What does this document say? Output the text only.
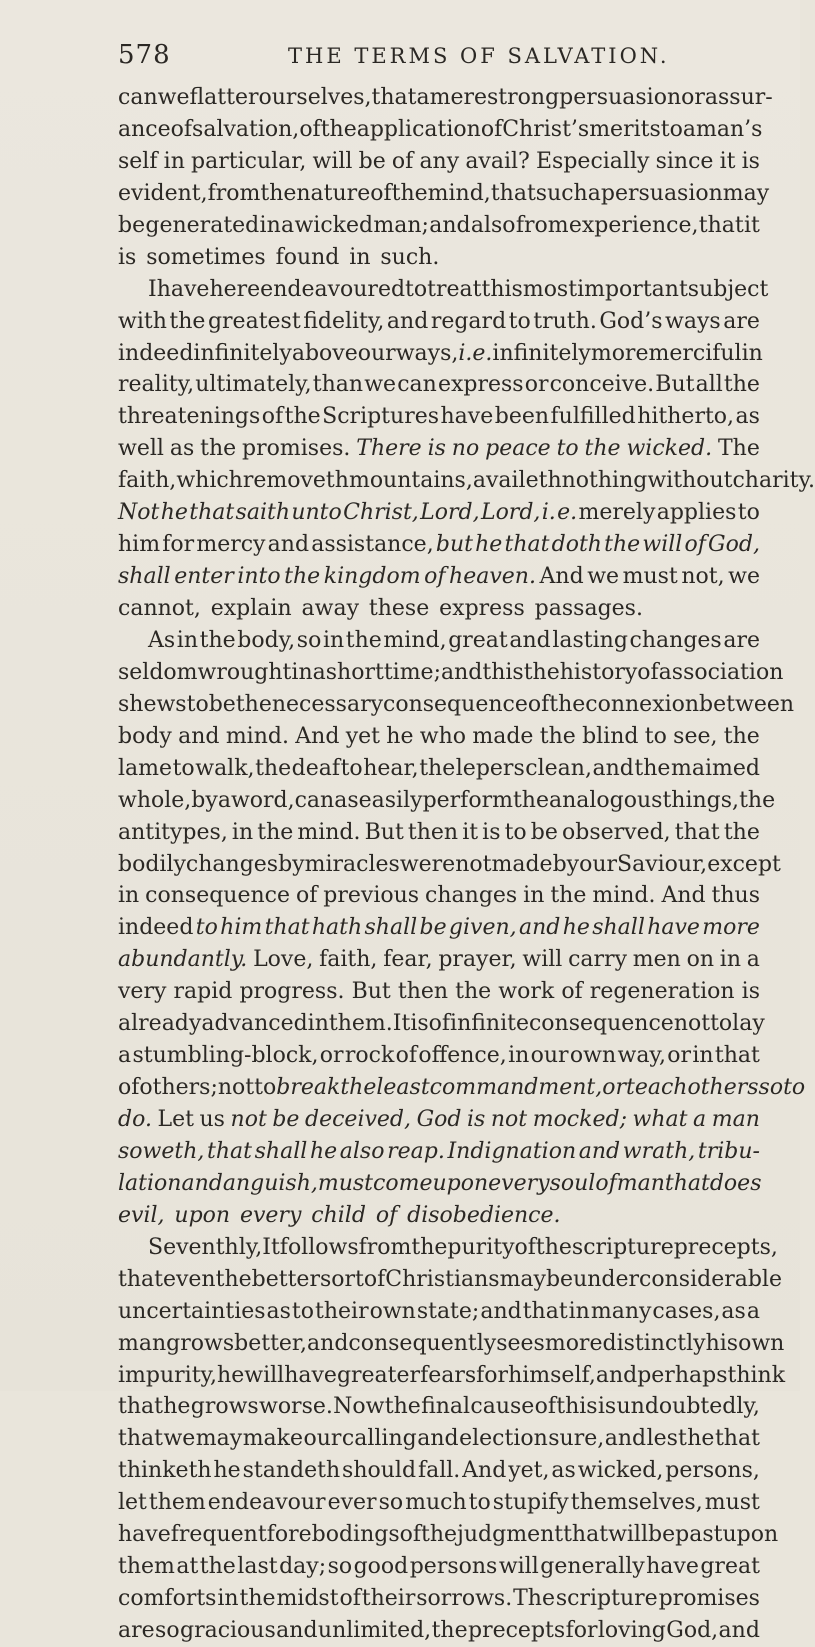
578	THE TERMS OF SALVATION.
can we flatter ourselves, that a mere strong persuasion or assur-
ance of salvation, of the application of Christ’s merits to a man’s
self in particular, will be of any avail? Especially since it is
evident, from the nature of the mind, that such a persuasion may
be generated in a wicked man; and also from experience, that it
is sometimes found in such.
I have here endeavoured to treat this most important subject
with the greatest fidelity, and regard to truth. God’s ways are
indeed infinitely above our ways, i. e. infinitely more merciful in
reality, ultimately, than we can express or conceive. But all the
threatenings of the Scriptures have been fulfilled hitherto, as
well as the promises. There is no peace to the wicked. The
faith, which removeth mountains, availeth nothing without charity.
Not he that saith unto Christ, Lord, Lord, i. e. merely applies to
him for mercy and assistance, but he that doth the will of God,
shall enter into the kingdom of heaven. And we must not, we
cannot, explain away these express passages.
As in the body, so in the mind, great and lasting changes are
seldom wrought in a short time; and this the history of association
shews to be the necessary consequence of the connexion between
body and mind. And yet he who made the blind to see, the
lame to walk, the deaf to hear, the lepers clean, and the maimed
whole, by a word, can as easily perform the analogous things, the
antitypes, in the mind. But then it is to be observed, that the
bodily changes by miracles were not made by our Saviour, except
in consequence of previous changes in the mind. And thus
indeed to him that hath shall be given, and he shall have more
abundantly. Love, faith, fear, prayer, will carry men on in a
very rapid progress. But then the work of regeneration is
already advanced in them. It is of infinite consequence not to lay
a stumbling-block, or rock of offence, in our own way, or in that
of others; not to break the least commandment, or teach others so to
do. Let us not be deceived, God is not mocked; what a man
soweth, that shall he also reap. Indignation and wrath, tribu-
lation and anguish, must come upon every soul of man that does
evil, upon every child of disobedience.
Seventhly, It follows from the purity of the scripture precepts,
that even the better sort of Christians may be under considerable
uncertainties as to their own state; and that in many cases, as a
man grows better, and consequently sees more distinctly his own
impurity, he will have greater fears for himself, and perhaps think
that he grows worse. Now the final cause of this is undoubtedly,
that we may make our calling and election sure, and lest he that
thinketh he standeth should fall. And yet, as wicked, persons,
let them endeavour ever so much to stupify themselves, must
have frequent forebodings of the judgment that will be past upon
them at the last day; so good persons will generally have great
comforts in the midst of their sorrows. The scripture promises
are so gracious and unlimited, the precepts for loving God, and
